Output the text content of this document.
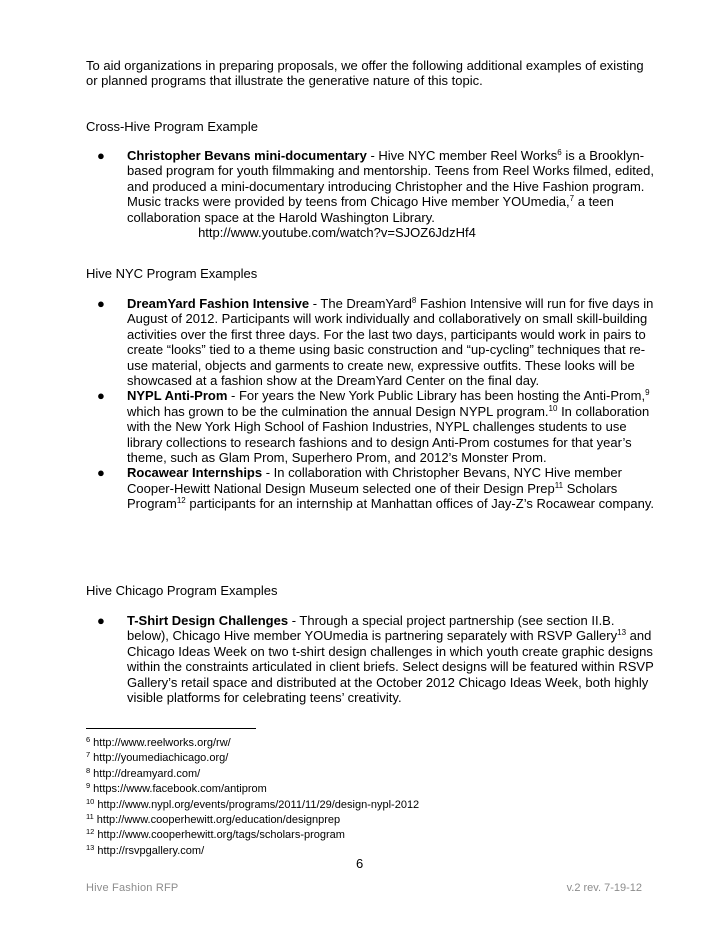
To aid organizations in preparing proposals, we offer the following additional examples of existing or planned programs that illustrate the generative nature of this topic.

Cross-Hive Program Example
● Christopher Bevans mini-documentary - Hive NYC member Reel Works$^6$ is a Brooklyn-based program for youth filmmaking and mentorship. Teens from Reel Works filmed, edited, and produced a mini-documentary introducing Christopher and the Hive Fashion program. Music tracks were provided by teens from Chicago Hive member YOUmedia,$^7$ a teen collaboration space at the Harold Washington Library.
http://www.youtube.com/watch?v=SJOZ6JdzHf4
Hive NYC Program Examples
● DreamYard Fashion Intensive - The DreamYard$^8$ Fashion Intensive will run for five days in August of 2012. Participants will work individually and collaboratively on small skill-building activities over the first three days. For the last two days, participants would work in pairs to create “looks” tied to a theme using basic construction and “up-cycling” techniques that re-use material, objects and garments to create new, expressive outfits. These looks will be showcased at a fashion show at the DreamYard Center on the final day.
● NYPL Anti-Prom - For years the New York Public Library has been hosting the Anti-Prom,$^9$ which has grown to be the culmination the annual Design NYPL program.$^{10}$ In collaboration with the New York High School of Fashion Industries, NYPL challenges students to use library collections to research fashions and to design Anti-Prom costumes for that year’s theme, such as Glam Prom, Superhero Prom, and 2012’s Monster Prom.
● Rocawear Internships - In collaboration with Christopher Bevans, NYC Hive member Cooper-Hewitt National Design Museum selected one of their Design Prep$^{11}$ Scholars Program$^{12}$ participants for an internship at Manhattan offices of Jay-Z’s Rocawear company.
Hive Chicago Program Examples
● T-Shirt Design Challenges - Through a special project partnership (see section II.B. below), Chicago Hive member YOUmedia is partnering separately with RSVP Gallery$^{13}$ and Chicago Ideas Week on two t-shirt design challenges in which youth create graphic designs within the constraints articulated in client briefs. Select designs will be featured within RSVP Gallery’s retail space and distributed at the October 2012 Chicago Ideas Week, both highly visible platforms for celebrating teens’ creativity.
$^6$ http://www.reelworks.org/rw/
$^7$ http://youmediachicago.org/
$^8$ http://dreamyard.com/
$^9$ https://www.facebook.com/antiprom
$^{10}$ http://www.nypl.org/events/programs/2011/11/29/design-nypl-2012
$^{11}$ http://www.cooperhewitt.org/education/designprep
$^{12}$ http://www.cooperhewitt.org/tags/scholars-program
$^{13}$ http://rsvpgallery.com/
6
Hive Fashion RFP	v.2 rev. 7-19-12
